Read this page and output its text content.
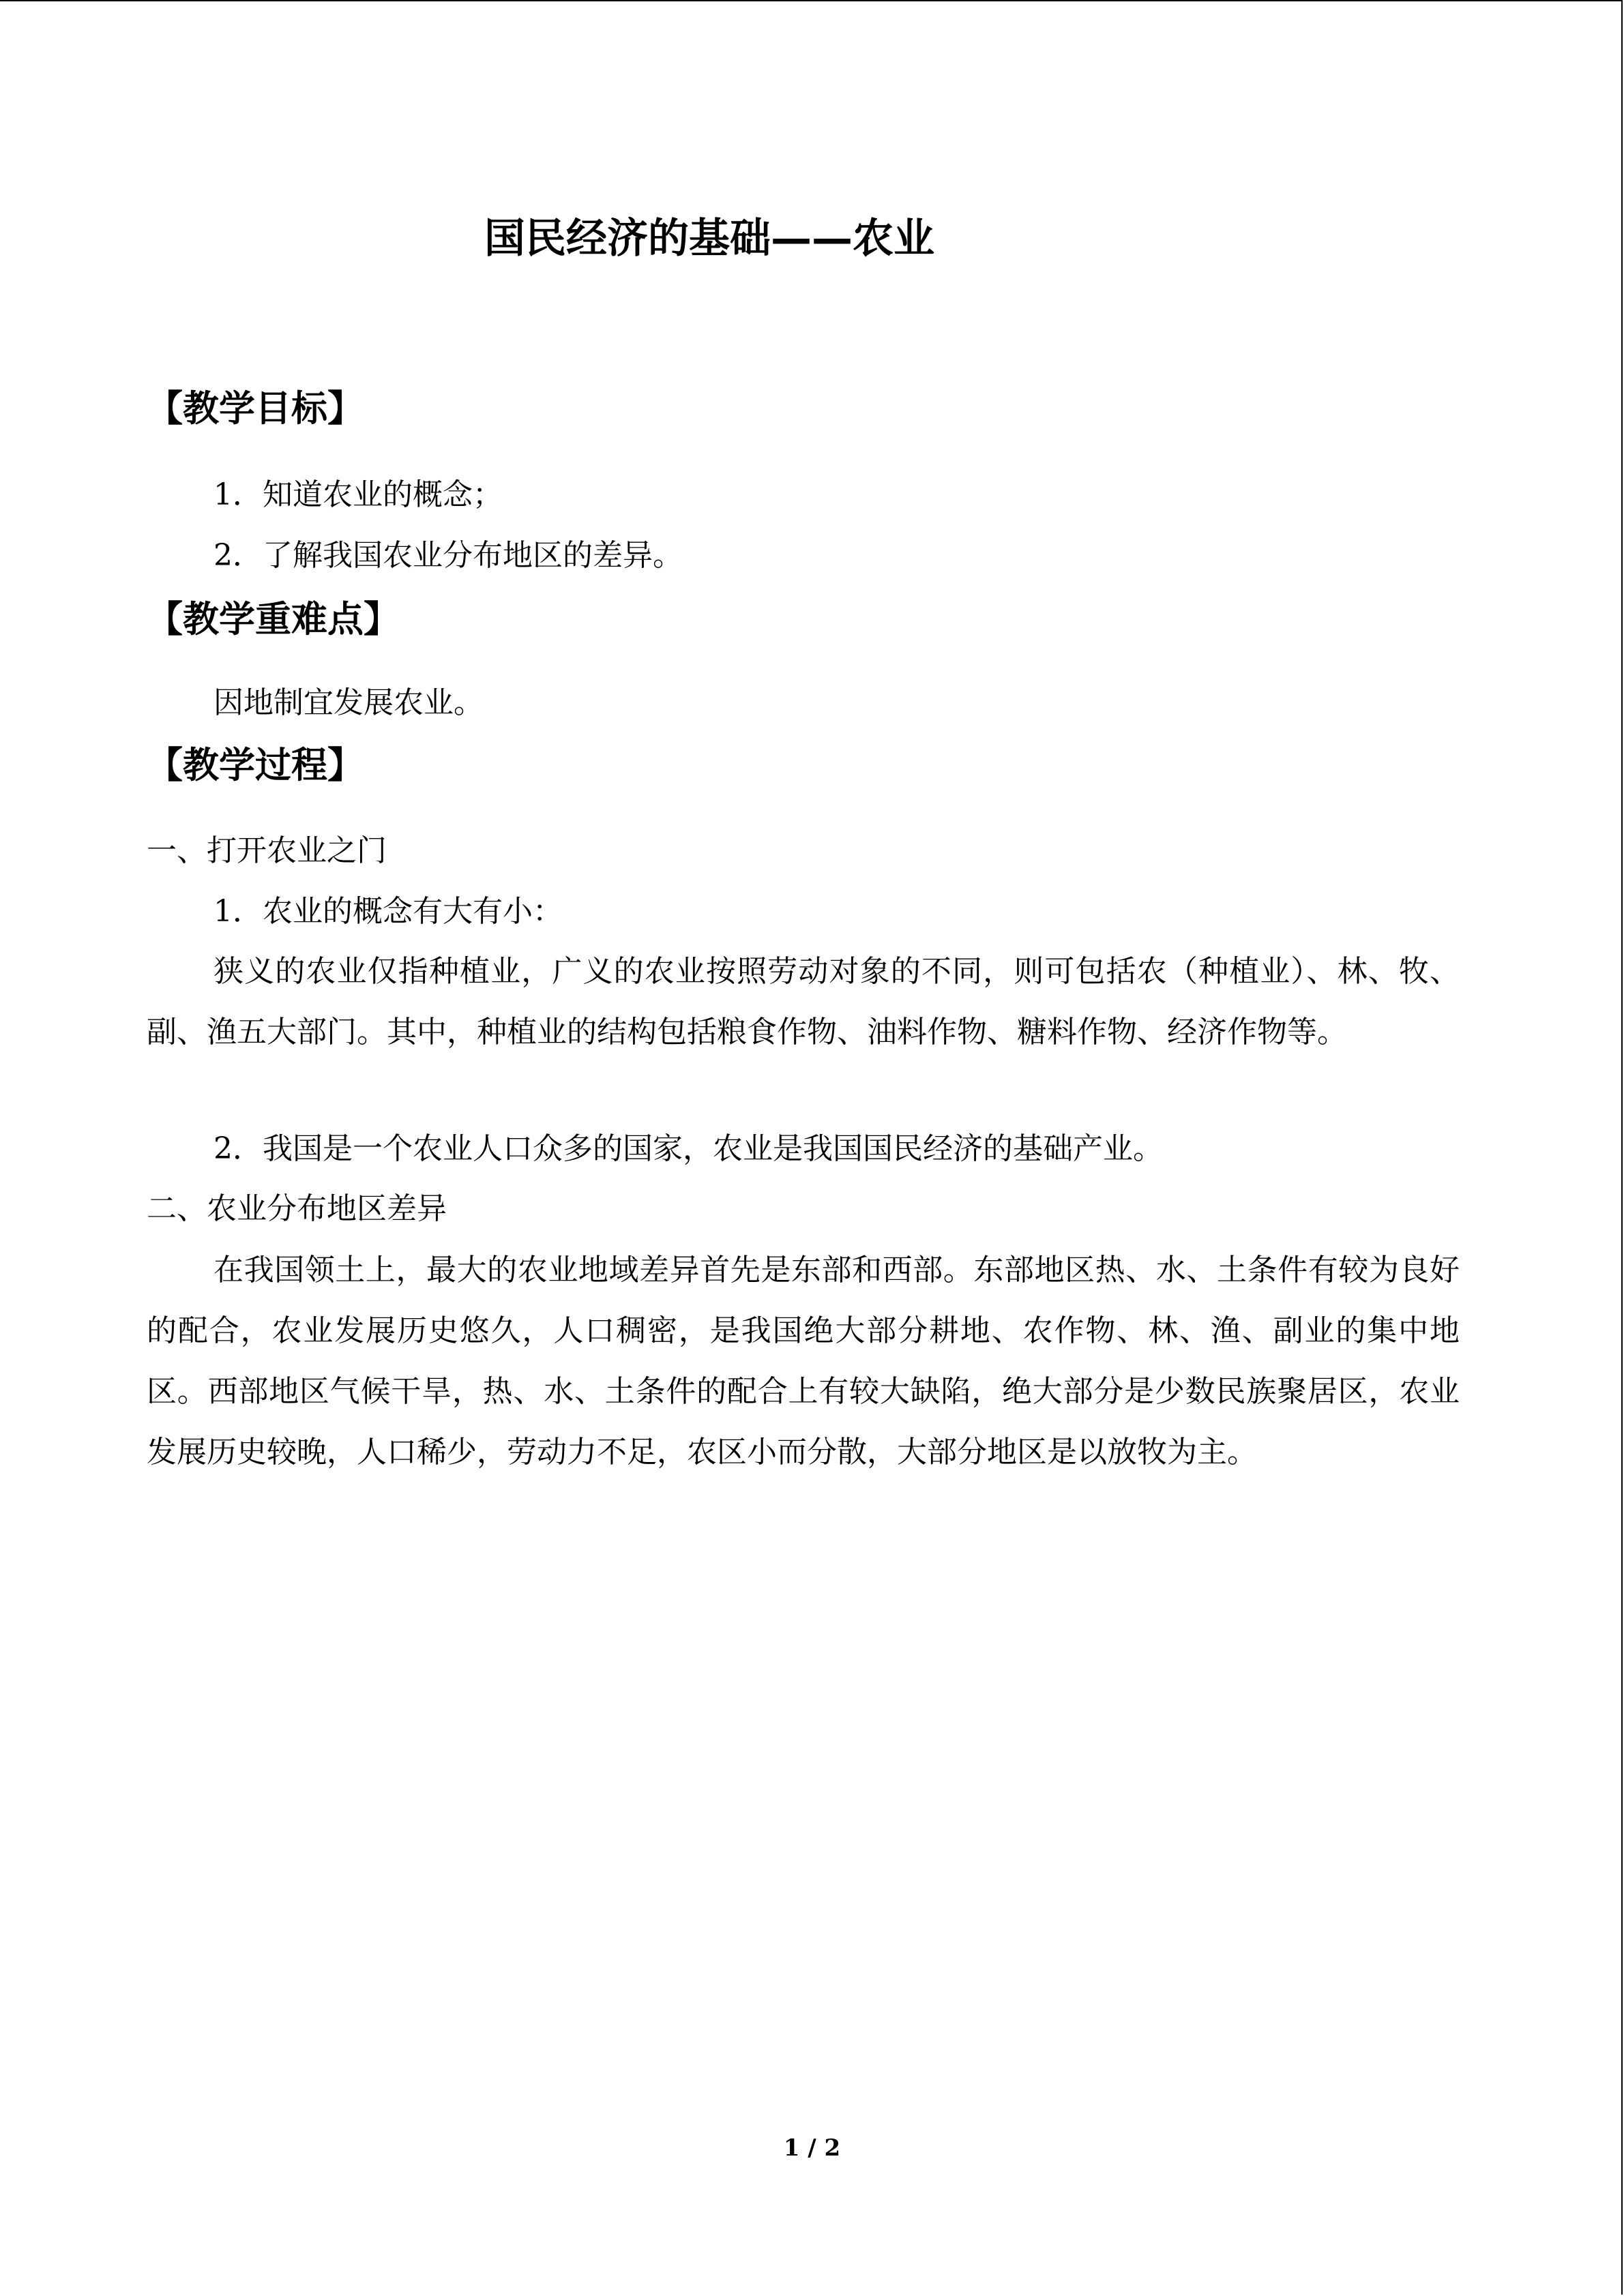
国民经济的基础——农业
【教学目标】

1．知道农业的概念；

2．了解我国农业分布地区的差异。

【教学重难点】

因地制宜发展农业。

【教学过程】

一、打开农业之门

1．农业的概念有大有小：

狭义的农业仅指种植业，广义的农业按照劳动对象的不同，则可包括农（种植业）、林、牧、副、渔五大部门。其中，种植业的结构包括粮食作物、油料作物、糖料作物、经济作物等。

2．我国是一个农业人口众多的国家，农业是我国国民经济的基础产业。

二、农业分布地区差异

在我国领土上，最大的农业地域差异首先是东部和西部。东部地区热、水、土条件有较为良好的配合，农业发展历史悠久，人口稠密，是我国绝大部分耕地、农作物、林、渔、副业的集中地区。西部地区气候干旱，热、水、土条件的配合上有较大缺陷，绝大部分是少数民族聚居区，农业发展历史较晚，人口稀少，劳动力不足，农区小而分散，大部分地区是以放牧为主。

1 / 2
